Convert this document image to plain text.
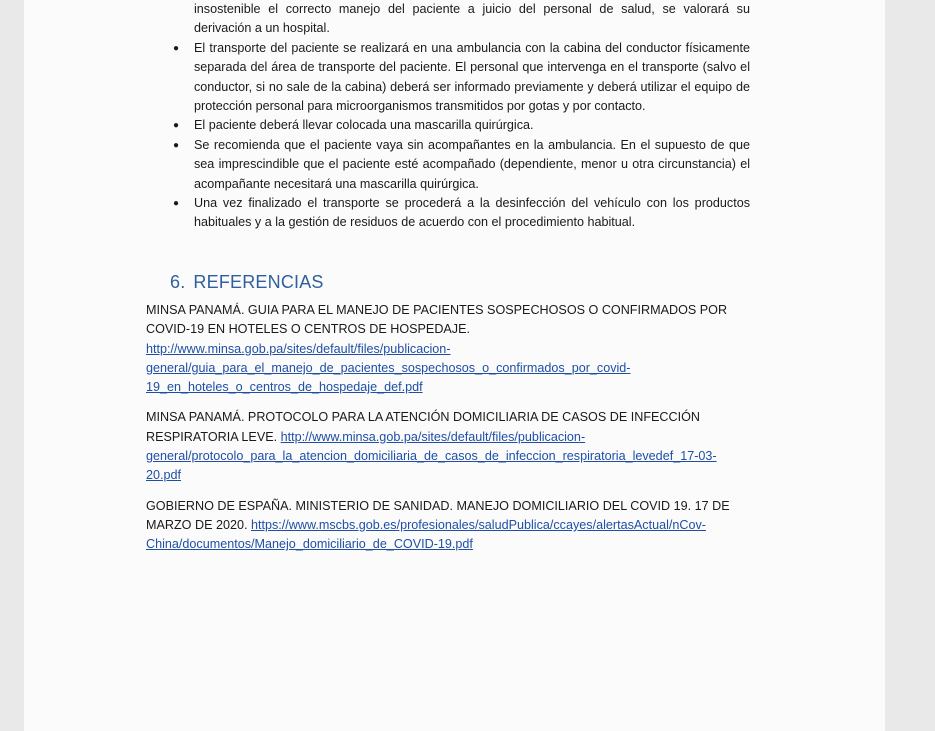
insostenible el correcto manejo del paciente a juicio del personal de salud, se valorará su derivación a un hospital.
● El transporte del paciente se realizará en una ambulancia con la cabina del conductor físicamente separada del área de transporte del paciente. El personal que intervenga en el transporte (salvo el conductor, si no sale de la cabina) deberá ser informado previamente y deberá utilizar el equipo de protección personal para microorganismos transmitidos por gotas y por contacto.
● El paciente deberá llevar colocada una mascarilla quirúrgica.
● Se recomienda que el paciente vaya sin acompañantes en la ambulancia. En el supuesto de que sea imprescindible que el paciente esté acompañado (dependiente, menor u otra circunstancia) el acompañante necesitará una mascarilla quirúrgica.
● Una vez finalizado el transporte se procederá a la desinfección del vehículo con los productos habituales y a la gestión de residuos de acuerdo con el procedimiento habitual.
6. REFERENCIAS

MINSA PANAMÁ. GUIA PARA EL MANEJO DE PACIENTES SOSPECHOSOS O CONFIRMADOS POR COVID-19 EN HOTELES O CENTROS DE HOSPEDAJE. http://www.minsa.gob.pa/sites/default/files/publicacion-general/guia_para_el_manejo_de_pacientes_sospechosos_o_confirmados_por_covid-19_en_hoteles_o_centros_de_hospedaje_def.pdf

MINSA PANAMÁ. PROTOCOLO PARA LA ATENCIÓN DOMICILIARIA DE CASOS DE INFECCIÓN RESPIRATORIA LEVE. http://www.minsa.gob.pa/sites/default/files/publicacion-general/protocolo_para_la_atencion_domiciliaria_de_casos_de_infeccion_respiratoria_levedef_17-03-20.pdf

GOBIERNO DE ESPAÑA. MINISTERIO DE SANIDAD. MANEJO DOMICILIARIO DEL COVID 19. 17 DE MARZO DE 2020. https://www.mscbs.gob.es/profesionales/saludPublica/ccayes/alertasActual/nCov-China/documentos/Manejo_domiciliario_de_COVID-19.pdf
